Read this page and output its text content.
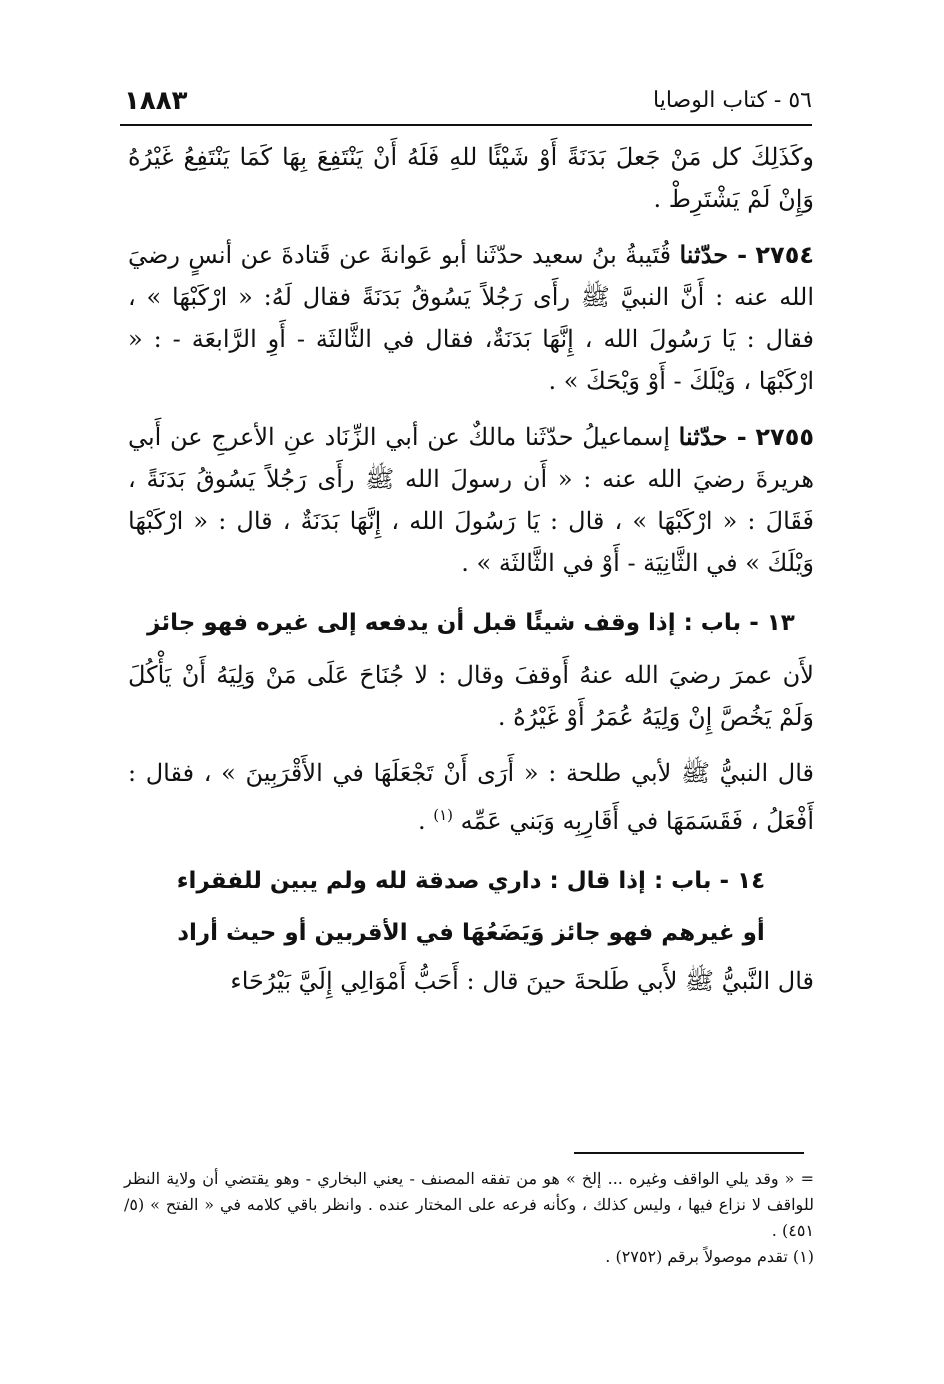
١٨٨٣	٥٦ - كتاب الوصايا

وكَذَلِكَ كل مَنْ جَعلَ بَدَنَةً أَوْ شَيْئًا للهِ فَلَهُ أَنْ يَنْتَفِعَ بِهَا كَمَا يَنْتَفِعُ غَيْرُهُ وَإِنْ لَمْ يَشْتَرِطْ .

٢٧٥٤ - حدّثنا قُتَيبةُ بنُ سعيد حدّثَنا أبو عَوانةَ عن قَتادةَ عن أنسٍ رضيَ الله عنه : أَنَّ النبيَّ ﷺ رأَى رَجُلاً يَسُوقُ بَدَنَةً فقال لَهُ: « ارْكَبْهَا » ، فقال : يَا رَسُولَ الله ، إِنَّهَا بَدَنَةٌ، فقال في الثَّالثَة - أَوِ الرَّابعَة - : « ارْكَبْهَا ، وَيْلَكَ - أَوْ وَيْحَكَ » .

٢٧٥٥ - حدّثنا إسماعيلُ حدّثَنا مالكٌ عن أبي الزِّنَاد عنِ الأعرجِ عن أَبي هريرةَ رضيَ الله عنه : « أَن رسولَ الله ﷺ رأَى رَجُلاً يَسُوقُ بَدَنَةً ، فَقَالَ : « ارْكَبْهَا » ، قال : يَا رَسُولَ الله ، إِنَّهَا بَدَنَةٌ ، قال : « ارْكَبْهَا وَيْلَكَ » في الثَّانِيَة - أَوْ في الثَّالثَة » .

١٣ - باب : إذا وقف شيئًا قبل أن يدفعه إلى غيره فهو جائز

لأَن عمرَ رضيَ الله عنهُ أَوقفَ وقال : لا جُنَاحَ عَلَى مَنْ وَلِيَهُ أَنْ يَأْكُلَ وَلَمْ يَخُصَّ إِنْ وَلِيَهُ عُمَرُ أَوْ غَيْرُهُ .

قال النبيُّ ﷺ لأبي طلحة : « أَرَى أَنْ تَجْعَلَهَا في الأَقْرَبِينَ » ، فقال : أَفْعَلُ ، فَقَسَمَهَا في أَقَارِبِه وَبَني عَمِّه $^{(١)}$ .

١٤ - باب : إذا قال : داري صدقة لله ولم يبين للفقراء
أو غيرهم فهو جائز وَيَضَعُهَا في الأقربين أو حيث أراد

قال النَّبيُّ ﷺ لأَبي طَلحةَ حينَ قال : أَحَبُّ أَمْوَالِي إِلَيَّ بَيْرُحَاء

= « وقد يلي الواقف وغيره ... إلخ » هو من تفقه المصنف - يعني البخاري - وهو يقتضي أن ولاية النظر للواقف لا نزاع فيها ، وليس كذلك ، وكأنه فرعه على المختار عنده . وانظر باقي كلامه في « الفتح » (٥/ ٤٥١) .

(١) تقدم موصولاً برقم (٢٧٥٢) .
